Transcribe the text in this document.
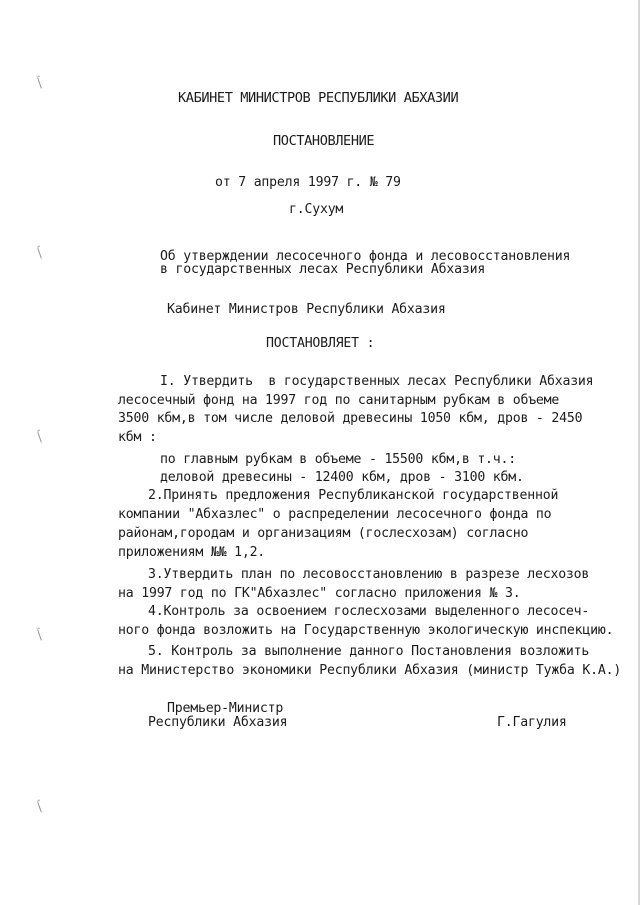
⌠
⌠
⌠
⌠
⌠
КАБИНЕТ МИНИСТРОВ РЕСПУБЛИКИ АБХАЗИИ
ПОСТАНОВЛЕНИЕ
от 7 апреля 1997 г. № 79
г.Сухум
Об утверждении лесосечного фонда и лесовосстановления
в государственных лесах Республики Абхазия
Кабинет Министров Республики Абхазия
ПОСТАНОВЛЯЕТ :
I. Утвердить  в государственных лесах Республики Абхазия
лесосечный фонд на 1997 год по санитарным рубкам в объеме
3500 кбм,в том числе деловой древесины 1050 кбм, дров - 2450
кбм :
по главным рубкам в объеме - 15500 кбм,в т.ч.:
деловой древесины - 12400 кбм, дров - 3100 кбм.
2.Принять предложения Республиканской государственной
компании "Абхазлес" о распределении лесосечного фонда по
районам,городам и организациям (гослесхозам) согласно
приложениям №№ 1,2.
3.Утвердить план по лесовосстановлению в разрезе лесхозов
на 1997 год по ГК"Абхазлес" согласно приложения № 3.
4.Контроль за освоением гослесхозами выделенного лесосеч-
ного фонда возложить на Государственную экологическую инспекцию.
5. Контроль за выполнение данного Постановления возложить
на Министерство экономики Республики Абхазия (министр Тужба К.А.)
Премьер-Министр
Республики Абхазия	Г.Гагулия
